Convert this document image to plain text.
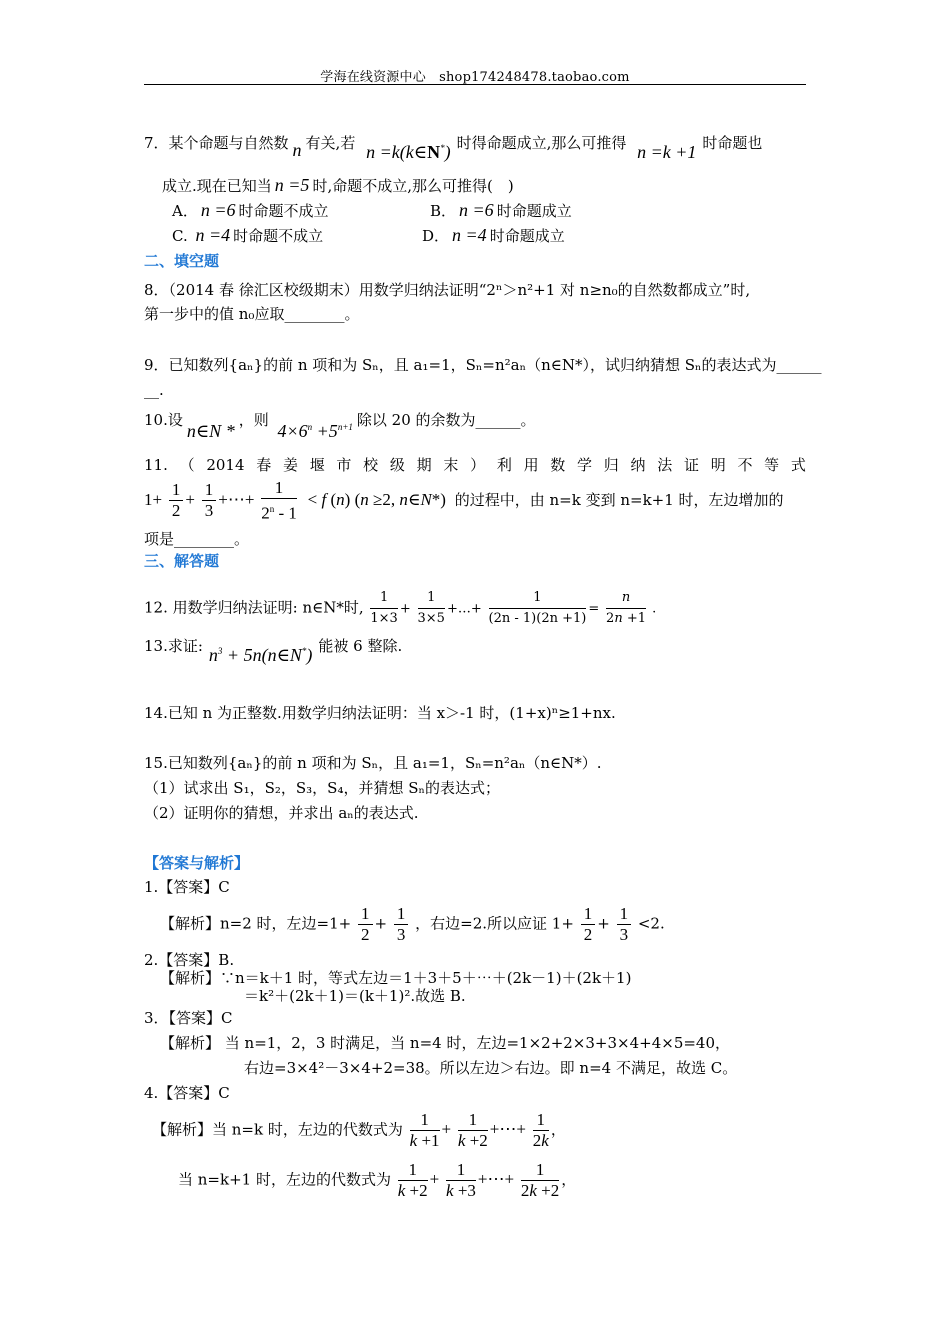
学海在线资源中心　shop174248478.taobao.com
7．某个命题与自然数 n 有关,若 n =k(k∈N*) 时得命题成立,那么可推得 n =k +1 时命题也
成立.现在已知当 n =5 时,命题不成立,那么可推得(　)
A． n =6 时命题不成立	B． n =6 时命题成立
C. n =4 时命题不成立	D． n =4 时命题成立
二、填空题
8．（2014 春 徐汇区校级期末）用数学归纳法证明“2ⁿ＞n²+1 对 n≥n₀的自然数都成立”时,
第一步中的值 n₀应取________。
9．已知数列{aₙ}的前 n 项和为 Sₙ，且 a₁=1，Sₙ=n²aₙ（n∈N*），试归纳猜想 Sₙ的表达式为______
__.
10.设n∈N *，则 $4\times 6^n +5^{n+1}$ 除以 20 的余数为______。
11. （ 2014 春 姜 堰 市 校 级 期 末 ） 利 用 数 学 归 纳 法 证 明 不 等 式
$1+ \frac{1}{2} + \frac{1}{3}$ +⋯+ $\frac{1}{2^n - 1} < f$ (n) (n ≥2, n∈N*) 的过程中，由 n=k 变到 n=k+1 时，左边增加的
项是________。
三、解答题
12. 用数学归纳法证明: n∈N*时, $\frac{1}{1\times 3} + \frac{1}{3\times 5}$ +…+ $\frac{1}{(2n - 1)(2n +1)} = \frac{n}{2n +1}$ .
13.求证: $n^3$ + 5n(n∈N*) 能被 6 整除.
14.已知 n 为正整数.用数学归纳法证明：当 x＞-1 时，(1+x)ⁿ≥1+nx.
15.已知数列{aₙ}的前 n 项和为 Sₙ，且 a₁=1，Sₙ=n²aₙ（n∈N*）.
（1）试求出 S₁，S₂，S₃，S₄，并猜想 Sₙ的表达式；
（2）证明你的猜想，并求出 aₙ的表达式.
【答案与解析】
1.【答案】C
【解析】n=2 时，左边$=1+ \frac{1}{2} + \frac{1}{3}$ ，右边=2.所以应证 $1+ \frac{1}{2} + \frac{1}{3} <2$.
2.【答案】B.
【解析】∵n＝k＋1 时，等式左边＝1＋3＋5＋⋯＋(2k－1)＋(2k＋1)
＝k²＋(2k＋1)＝(k＋1)².故选 B.
3．【答案】C
【解析】 当 n=1，2，3 时满足，当 n=4 时，左边=1×2+2×3+3×4+4×5=40，
右边=3×4²－3×4+2=38。所以左边＞右边。即 n=4 不满足，故选 C。
4.【答案】C
【解析】当 n=k 时，左边的代数式为 $\frac{1}{k +1} + \frac{1}{k +2}$ +⋯+ $\frac{1}{2k}$ ，
当 n=k+1 时，左边的代数式为 $\frac{1}{k +2} + \frac{1}{k +3}$ +⋯+ $\frac{1}{2k +2}$ ，
